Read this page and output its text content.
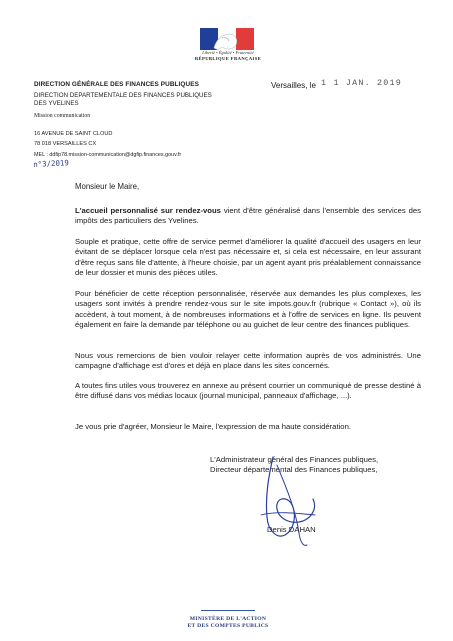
Liberté • Égalité • Fraternité
RÉPUBLIQUE FRANÇAISE
DIRECTION GÉNÉRALE DES FINANCES PUBLIQUES
DIRECTION DEPARTEMENTALE DES FINANCES PUBLIQUES
DES YVELINES
Mission communication
16 AVENUE DE SAINT CLOUD
78 018 VERSAILLES CX
MEL : ddfip78.mission-communication@dgfip.finances.gouv.fr
n°3/2019
Versailles, le 1 1 JAN. 2019
Monsieur le Maire,

L'accueil personnalisé sur rendez-vous vient d'être généralisé dans l'ensemble des services des impôts des particuliers des Yvelines.

Souple et pratique, cette offre de service permet d'améliorer la qualité d'accueil des usagers en leur évitant de se déplacer lorsque cela n'est pas nécessaire et, si cela est nécessaire, en leur assurant d'être reçus sans file d'attente, à l'heure choisie, par un agent ayant pris préalablement connaissance de leur dossier et munis des pièces utiles.

Pour bénéficier de cette réception personnalisée, réservée aux demandes les plus complexes, les usagers sont invités à prendre rendez-vous sur le site impots.gouv.fr (rubrique « Contact »), où ils accèdent, à tout moment, à de nombreuses informations et à l'offre de services en ligne. Ils peuvent également en faire la demande par téléphone ou au guichet de leur centre des finances publiques.

Nous vous remercions de bien vouloir relayer cette information auprès de vos administrés. Une campagne d'affichage est d'ores et déjà en place dans les sites concernés.

A toutes fins utiles vous trouverez en annexe au présent courrier un communiqué de presse destiné à être diffusé dans vos médias locaux (journal municipal, panneaux d'affichage, ...).

Je vous prie d'agréer, Monsieur le Maire, l'expression de ma haute considération.

L'Administrateur général des Finances publiques,
Directeur départemental des Finances publiques,
Denis DAHAN
MINISTÈRE DE L'ACTION
ET DES COMPTES PUBLICS
